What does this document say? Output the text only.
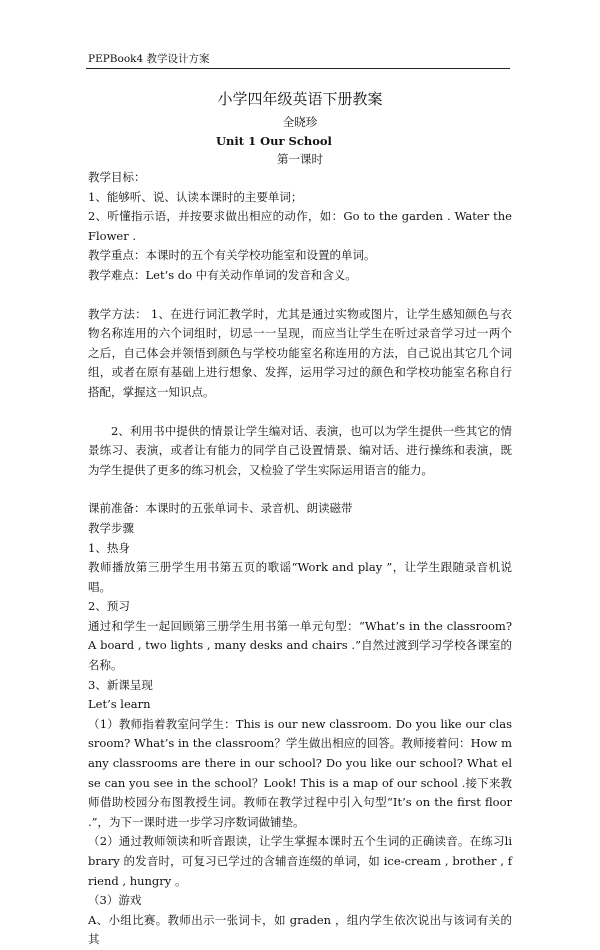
PEPBook4 教学设计方案

小学四年级英语下册教案

全晓珍

Unit 1 Our School

第一课时

教学目标：

1、能够听、说、认读本课时的主要单词；

2、听懂指示语，并按要求做出相应的动作，如：Go to the garden . Water the Flower .

教学重点：本课时的五个有关学校功能室和设置的单词。

教学难点：Let’s do 中有关动作单词的发音和含义。

教学方法： 1、在进行词汇教学时，尤其是通过实物或图片，让学生感知颜色与衣物名称连用的六个词组时，切忌一一呈现，而应当让学生在听过录音学习过一两个之后，自己体会并领悟到颜色与学校功能室名称连用的方法，自己说出其它几个词组，或者在原有基础上进行想象、发挥，运用学习过的颜色和学校功能室名称自行搭配，掌握这一知识点。

2、利用书中提供的情景让学生编对话、表演，也可以为学生提供一些其它的情景练习、表演，或者让有能力的同学自己设置情景、编对话、进行操练和表演，既为学生提供了更多的练习机会，又检验了学生实际运用语言的能力。

课前准备：本课时的五张单词卡、录音机、朗读磁带

教学步骤

1、热身

教师播放第三册学生用书第五页的歌谣“Work and play ”，让学生跟随录音机说唱。

2、预习

通过和学生一起回顾第三册学生用书第一单元句型：“What’s in the classroom? A board , two lights , many desks and chairs .”自然过渡到学习学校各课室的名称。

3、新课呈现

Let’s learn

（1）教师指着教室问学生：This is our new classroom. Do you like our classroom? What’s in the classroom？学生做出相应的回答。教师接着问：How many classrooms are there in our school? Do you like our school? What else can you see in the school？Look! This is a map of our school .接下来教师借助校园分布图教授生词。教师在教学过程中引入句型“It’s on the first floor .”，为下一课时进一步学习序数词做铺垫。

（2）通过教师领读和听音跟读，让学生掌握本课时五个生词的正确读音。在练习library 的发音时，可复习已学过的含辅音连缀的单词，如 ice-cream , brother , friend , hungry 。

（3）游戏

A、小组比赛。教师出示一张词卡，如 graden ，组内学生依次说出与该词有关的其
